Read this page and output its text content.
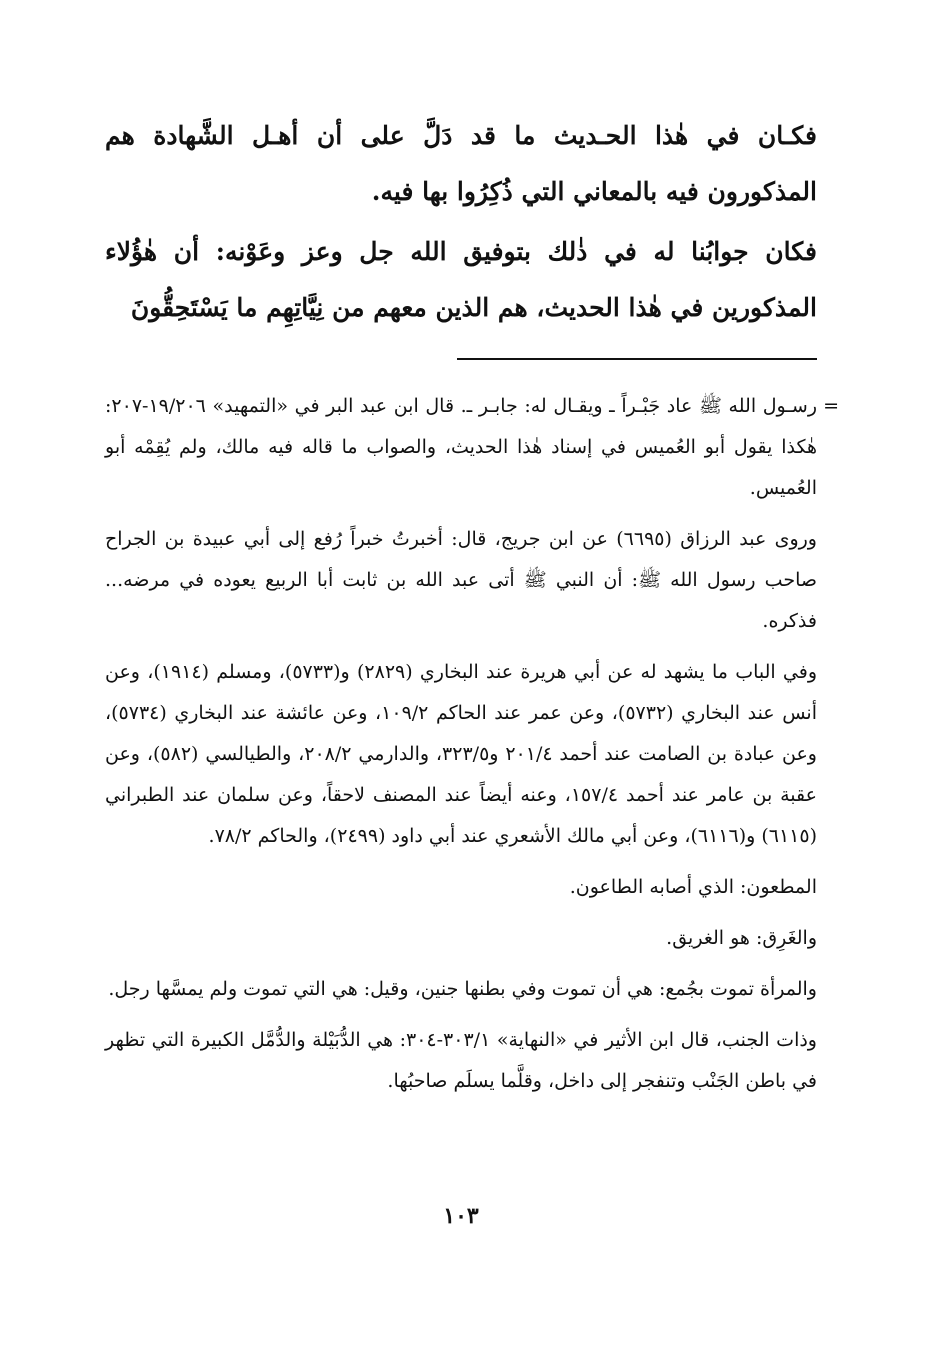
فكـان في هٰذا الحـديث ما قد دَلَّ على أن أهـل الشَّهادة هم المذكورون فيه بالمعاني التي ذُكِرُوا بها فيه.

فكان جوابُنا له في ذٰلك بتوفيق الله جل وعز وعَوْنه: أن هٰؤُلاء المذكورين في هٰذا الحديث، هم الذين معهم من نِيَّاتِهِم ما يَسْتَحِقُّونَ

=

رسـول الله ﷺ عاد جَبْـراً ـ ويقـال له: جابـر ـ. قال ابن عبد البر في «التمهيد» ١٩/٢٠٦-٢٠٧: هٰكذا يقول أبو العُميس في إسناد هٰذا الحديث، والصواب ما قاله فيه مالك، ولم يُقِمْه أبو العُميس.

وروى عبد الرزاق (٦٦٩٥) عن ابن جريج، قال: أخبرتُ خبراً رُفع إلى أبي عبيدة بن الجراح صاحب رسول الله ﷺ: أن النبي ﷺ أتى عبد الله بن ثابت أبا الربيع يعوده في مرضه... فذكره.

وفي الباب ما يشهد له عن أبي هريرة عند البخاري (٢٨٢٩) و(٥٧٣٣)، ومسلم (١٩١٤)، وعن أنس عند البخاري (٥٧٣٢)، وعن عمر عند الحاكم ١٠٩/٢، وعن عائشة عند البخاري (٥٧٣٤)، وعن عبادة بن الصامت عند أحمد ٢٠١/٤ و٣٢٣/٥، والدارمي ٢٠٨/٢، والطيالسي (٥٨٢)، وعن عقبة بن عامر عند أحمد ١٥٧/٤، وعنه أيضاً عند المصنف لاحقاً، وعن سلمان عند الطبراني (٦١١٥) و(٦١١٦)، وعن أبي مالك الأشعري عند أبي داود (٢٤٩٩)، والحاكم ٧٨/٢.

المطعون: الذي أصابه الطاعون.

والغَرِق: هو الغريق.

والمرأة تموت بجُمع: هي أن تموت وفي بطنها جنين، وقيل: هي التي تموت ولم يمسَّها رجل.

وذات الجنب، قال ابن الأثير في «النهاية» ٣٠٣/١-٣٠٤: هي الدُّبَيْلة والدُّمَّل الكبيرة التي تظهر في باطن الجَنْب وتنفجر إلى داخل، وقلَّما يسلَم صاحبُها.

١٠٣
